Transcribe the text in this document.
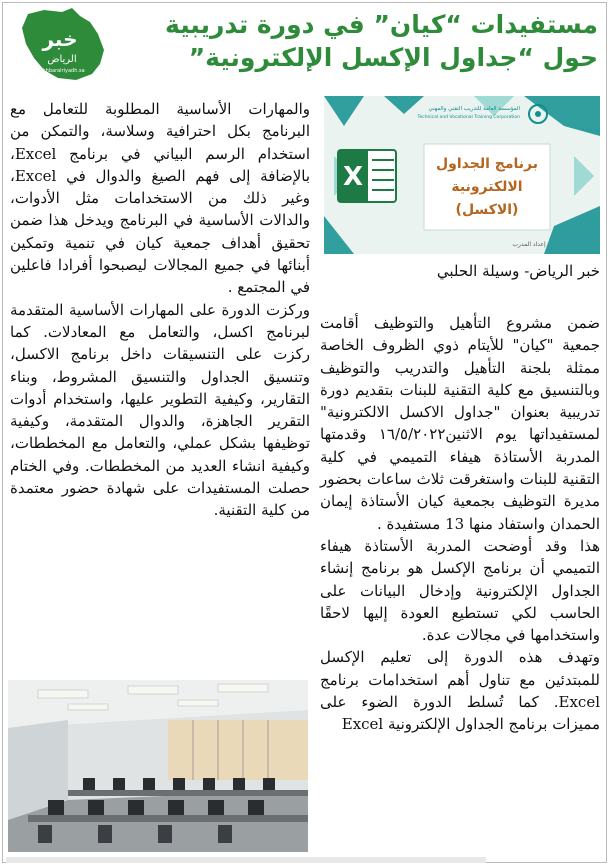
خبر
الرياض
Akhbaralriyadh.sa
مستفيدات “كيان” في دورة تدريبية حول “جداول الإكسل الإلكترونية”
X
المؤسسة العامة للتدريب التقني والمهني
Technical and Vocational Training Corporation
برنامج الجداول
الالكترونية
(الاكسل)
إعداد المدرب
خبر الرياض- وسيلة الحلبي

ضمن مشروع التأهيل والتوظيف أقامت جمعية "كيان" للأيتام ذوي الظروف الخاصة ممثلة بلجنة التأهيل والتدريب والتوظيف وبالتنسيق مع كلية التقنية للبنات بتقديم دورة تدريبية بعنوان "جداول الاكسل الالكترونية" لمستفيداتها يوم الاثنين١٦/٥/٢٠٢٢ وقدمتها المدربة الأستاذة هيفاء التميمي في كلية التقنية للبنات واستغرقت ثلاث ساعات بحضور مديرة التوظيف بجمعية كيان الأستاذة إيمان الحمدان واستفاد منها 13 مستفيدة .

هذا وقد أوضحت المدربة الأستاذة هيفاء التميمي أن برنامج الإكسل هو برنامج إنشاء الجداول الإلكترونية وإدخال البيانات على الحاسب لكي تستطيع العودة إليها لاحقًا واستخدامها في مجالات عدة.

وتهدف هذه الدورة إلى تعليم الإكسل للمبتدئين مع تناول أهم استخدامات برنامج Excel. كما تُسلط الدورة الضوء على مميزات برنامج الجداول الإلكترونية Excel

والمهارات الأساسية المطلوبة للتعامل مع البرنامج بكل احترافية وسلاسة، والتمكن من استخدام الرسم البياني في برنامج Excel، بالإضافة إلى فهم الصيغ والدوال في Excel، وغير ذلك من الاستخدامات مثل الأدوات، والدالات الأساسية في البرنامج ويدخل هذا ضمن تحقيق أهداف جمعية كيان في تنمية وتمكين أبنائها في جميع المجالات ليصبحوا أفرادا فاعلين في المجتمع .

وركزت الدورة على المهارات الأساسية المتقدمة لبرنامج اكسل، والتعامل مع المعادلات. كما ركزت على التنسيقات داخل برنامج الاكسل، وتنسيق الجداول والتنسيق المشروط، وبناء التقارير، وكيفية التطوير عليها، واستخدام أدوات التقرير الجاهزة، والدوال المتقدمة، وكيفية توظيفها بشكل عملي، والتعامل مع المخططات، وكيفية انشاء العديد من المخططات. وفي الختام حصلت المستفيدات على شهادة حضور معتمدة من كلية التقنية.
